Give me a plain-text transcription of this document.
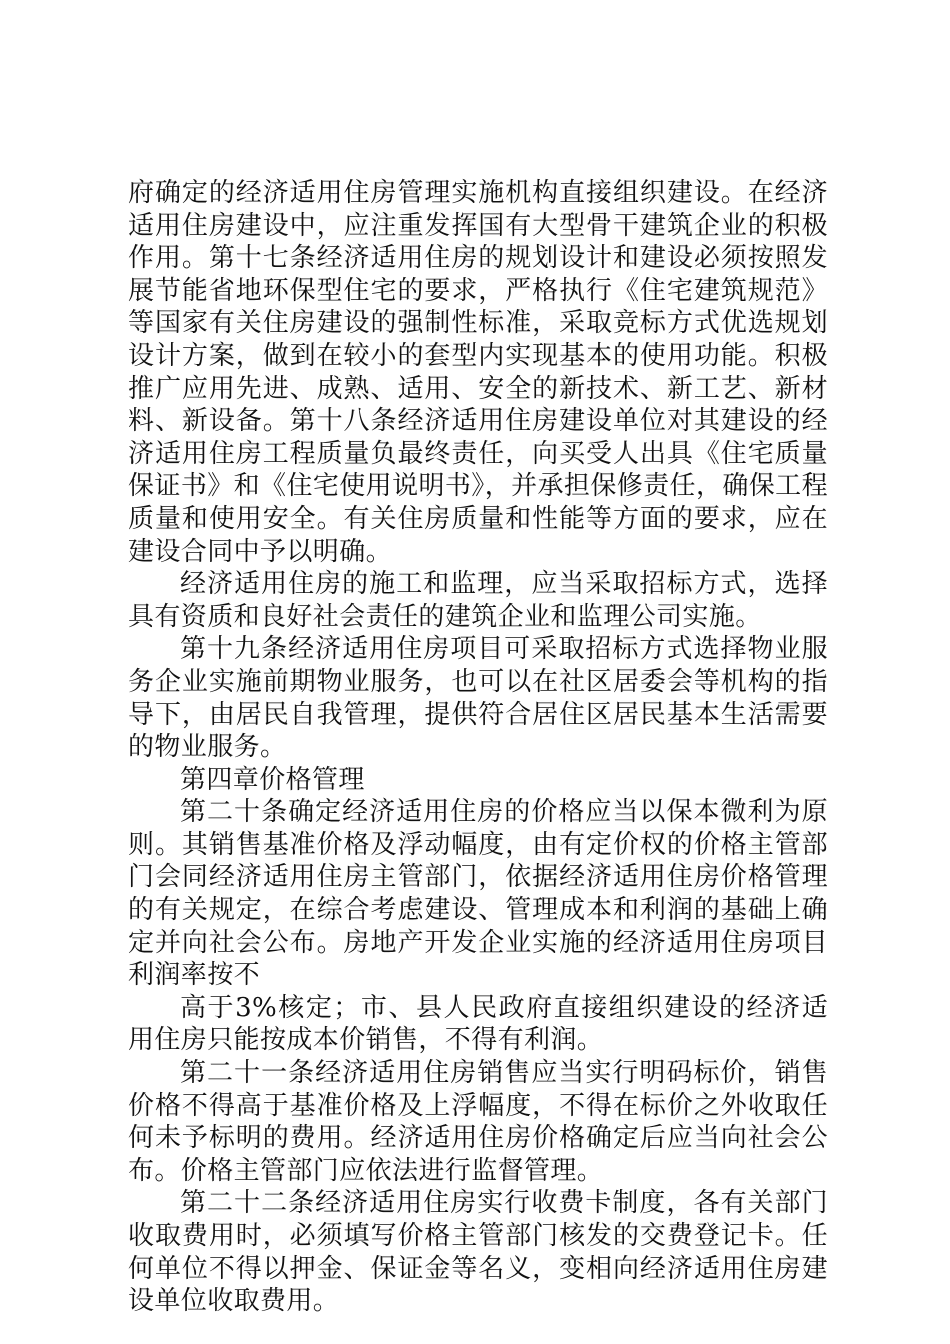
府确定的经济适用住房管理实施机构直接组织建设。在经济适用住房建设中，应注重发挥国有大型骨干建筑企业的积极作用。第十七条经济适用住房的规划设计和建设必须按照发展节能省地环保型住宅的要求，严格执行《住宅建筑规范》等国家有关住房建设的强制性标准，采取竞标方式优选规划设计方案，做到在较小的套型内实现基本的使用功能。积极推广应用先进、成熟、适用、安全的新技术、新工艺、新材料、新设备。第十八条经济适用住房建设单位对其建设的经济适用住房工程质量负最终责任，向买受人出具《住宅质量保证书》和《住宅使用说明书》，并承担保修责任，确保工程质量和使用安全。有关住房质量和性能等方面的要求，应在建设合同中予以明确。

经济适用住房的施工和监理，应当采取招标方式，选择具有资质和良好社会责任的建筑企业和监理公司实施。

第十九条经济适用住房项目可采取招标方式选择物业服务企业实施前期物业服务，也可以在社区居委会等机构的指导下，由居民自我管理，提供符合居住区居民基本生活需要的物业服务。

第四章价格管理

第二十条确定经济适用住房的价格应当以保本微利为原则。其销售基准价格及浮动幅度，由有定价权的价格主管部门会同经济适用住房主管部门，依据经济适用住房价格管理的有关规定，在综合考虑建设、管理成本和利润的基础上确定并向社会公布。房地产开发企业实施的经济适用住房项目利润率按不

高于3%核定；市、县人民政府直接组织建设的经济适用住房只能按成本价销售，不得有利润。

第二十一条经济适用住房销售应当实行明码标价，销售价格不得高于基准价格及上浮幅度，不得在标价之外收取任何未予标明的费用。经济适用住房价格确定后应当向社会公布。价格主管部门应依法进行监督管理。

第二十二条经济适用住房实行收费卡制度，各有关部门收取费用时，必须填写价格主管部门核发的交费登记卡。任何单位不得以押金、保证金等名义，变相向经济适用住房建设单位收取费用。
